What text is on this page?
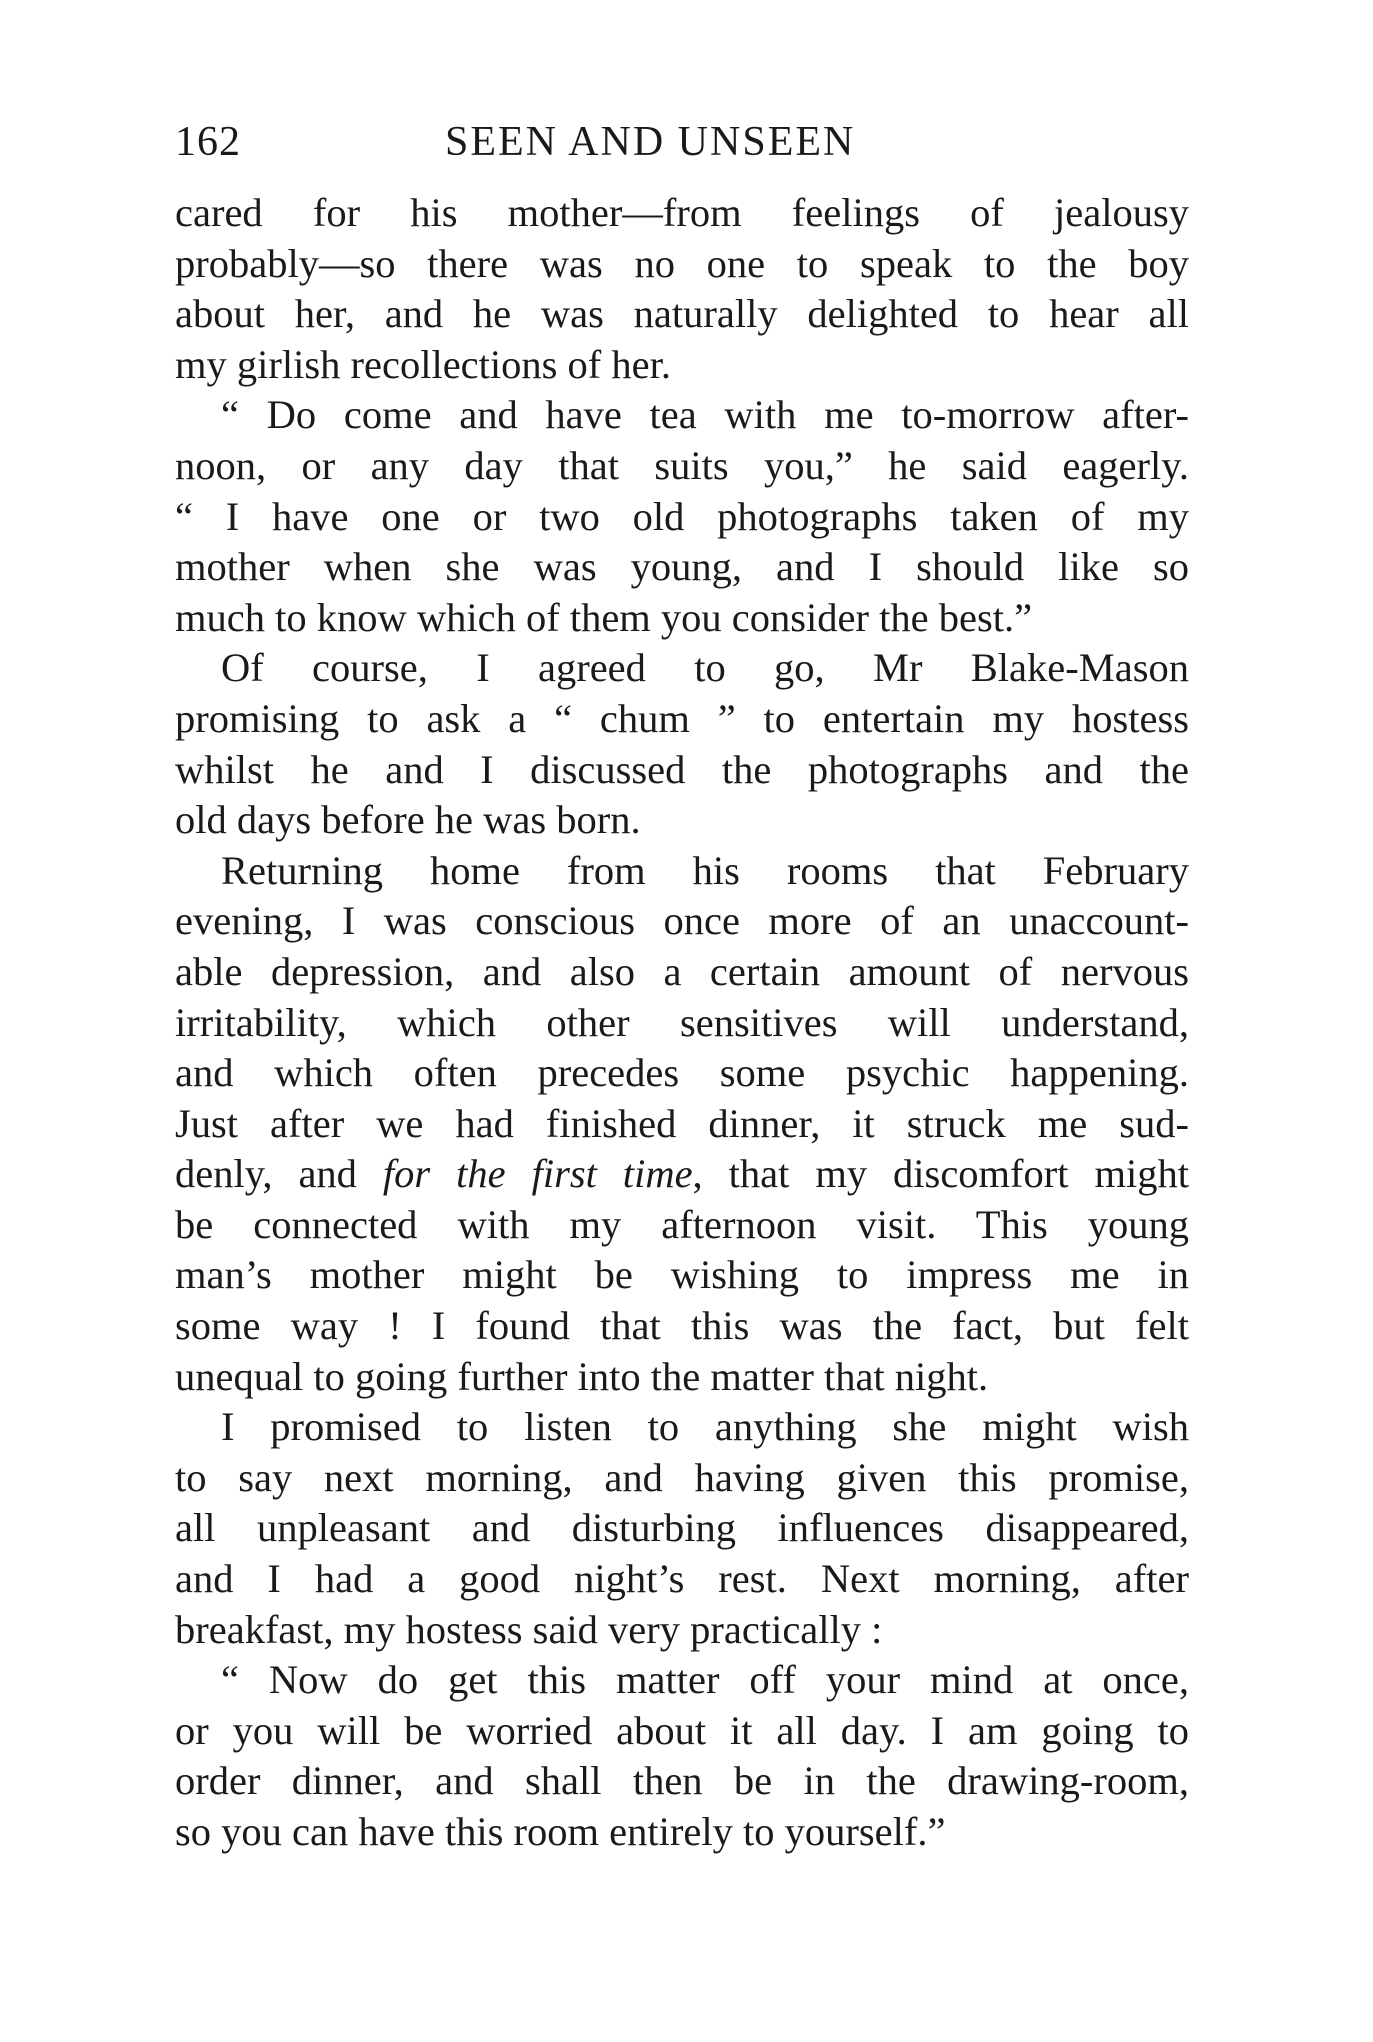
162	SEEN AND UNSEEN
cared for his mother—from feelings of jealousy
probably—so there was no one to speak to the boy
about her, and he was naturally delighted to hear all
my girlish recollections of her.
“ Do come and have tea with me to-morrow after-
noon, or any day that suits you,” he said eagerly.
“ I have one or two old photographs taken of my
mother when she was young, and I should like so
much to know which of them you consider the best.”
Of course, I agreed to go, Mr Blake-Mason
promising to ask a “ chum ” to entertain my hostess
whilst he and I discussed the photographs and the
old days before he was born.
Returning home from his rooms that February
evening, I was conscious once more of an unaccount-
able depression, and also a certain amount of nervous
irritability, which other sensitives will understand,
and which often precedes some psychic happening.
Just after we had finished dinner, it struck me sud-
denly, and for the first time, that my discomfort might
be connected with my afternoon visit. This young
man’s mother might be wishing to impress me in
some way ! I found that this was the fact, but felt
unequal to going further into the matter that night.
I promised to listen to anything she might wish
to say next morning, and having given this promise,
all unpleasant and disturbing influences disappeared,
and I had a good night’s rest. Next morning, after
breakfast, my hostess said very practically :
“ Now do get this matter off your mind at once,
or you will be worried about it all day. I am going to
order dinner, and shall then be in the drawing-room,
so you can have this room entirely to yourself.”
